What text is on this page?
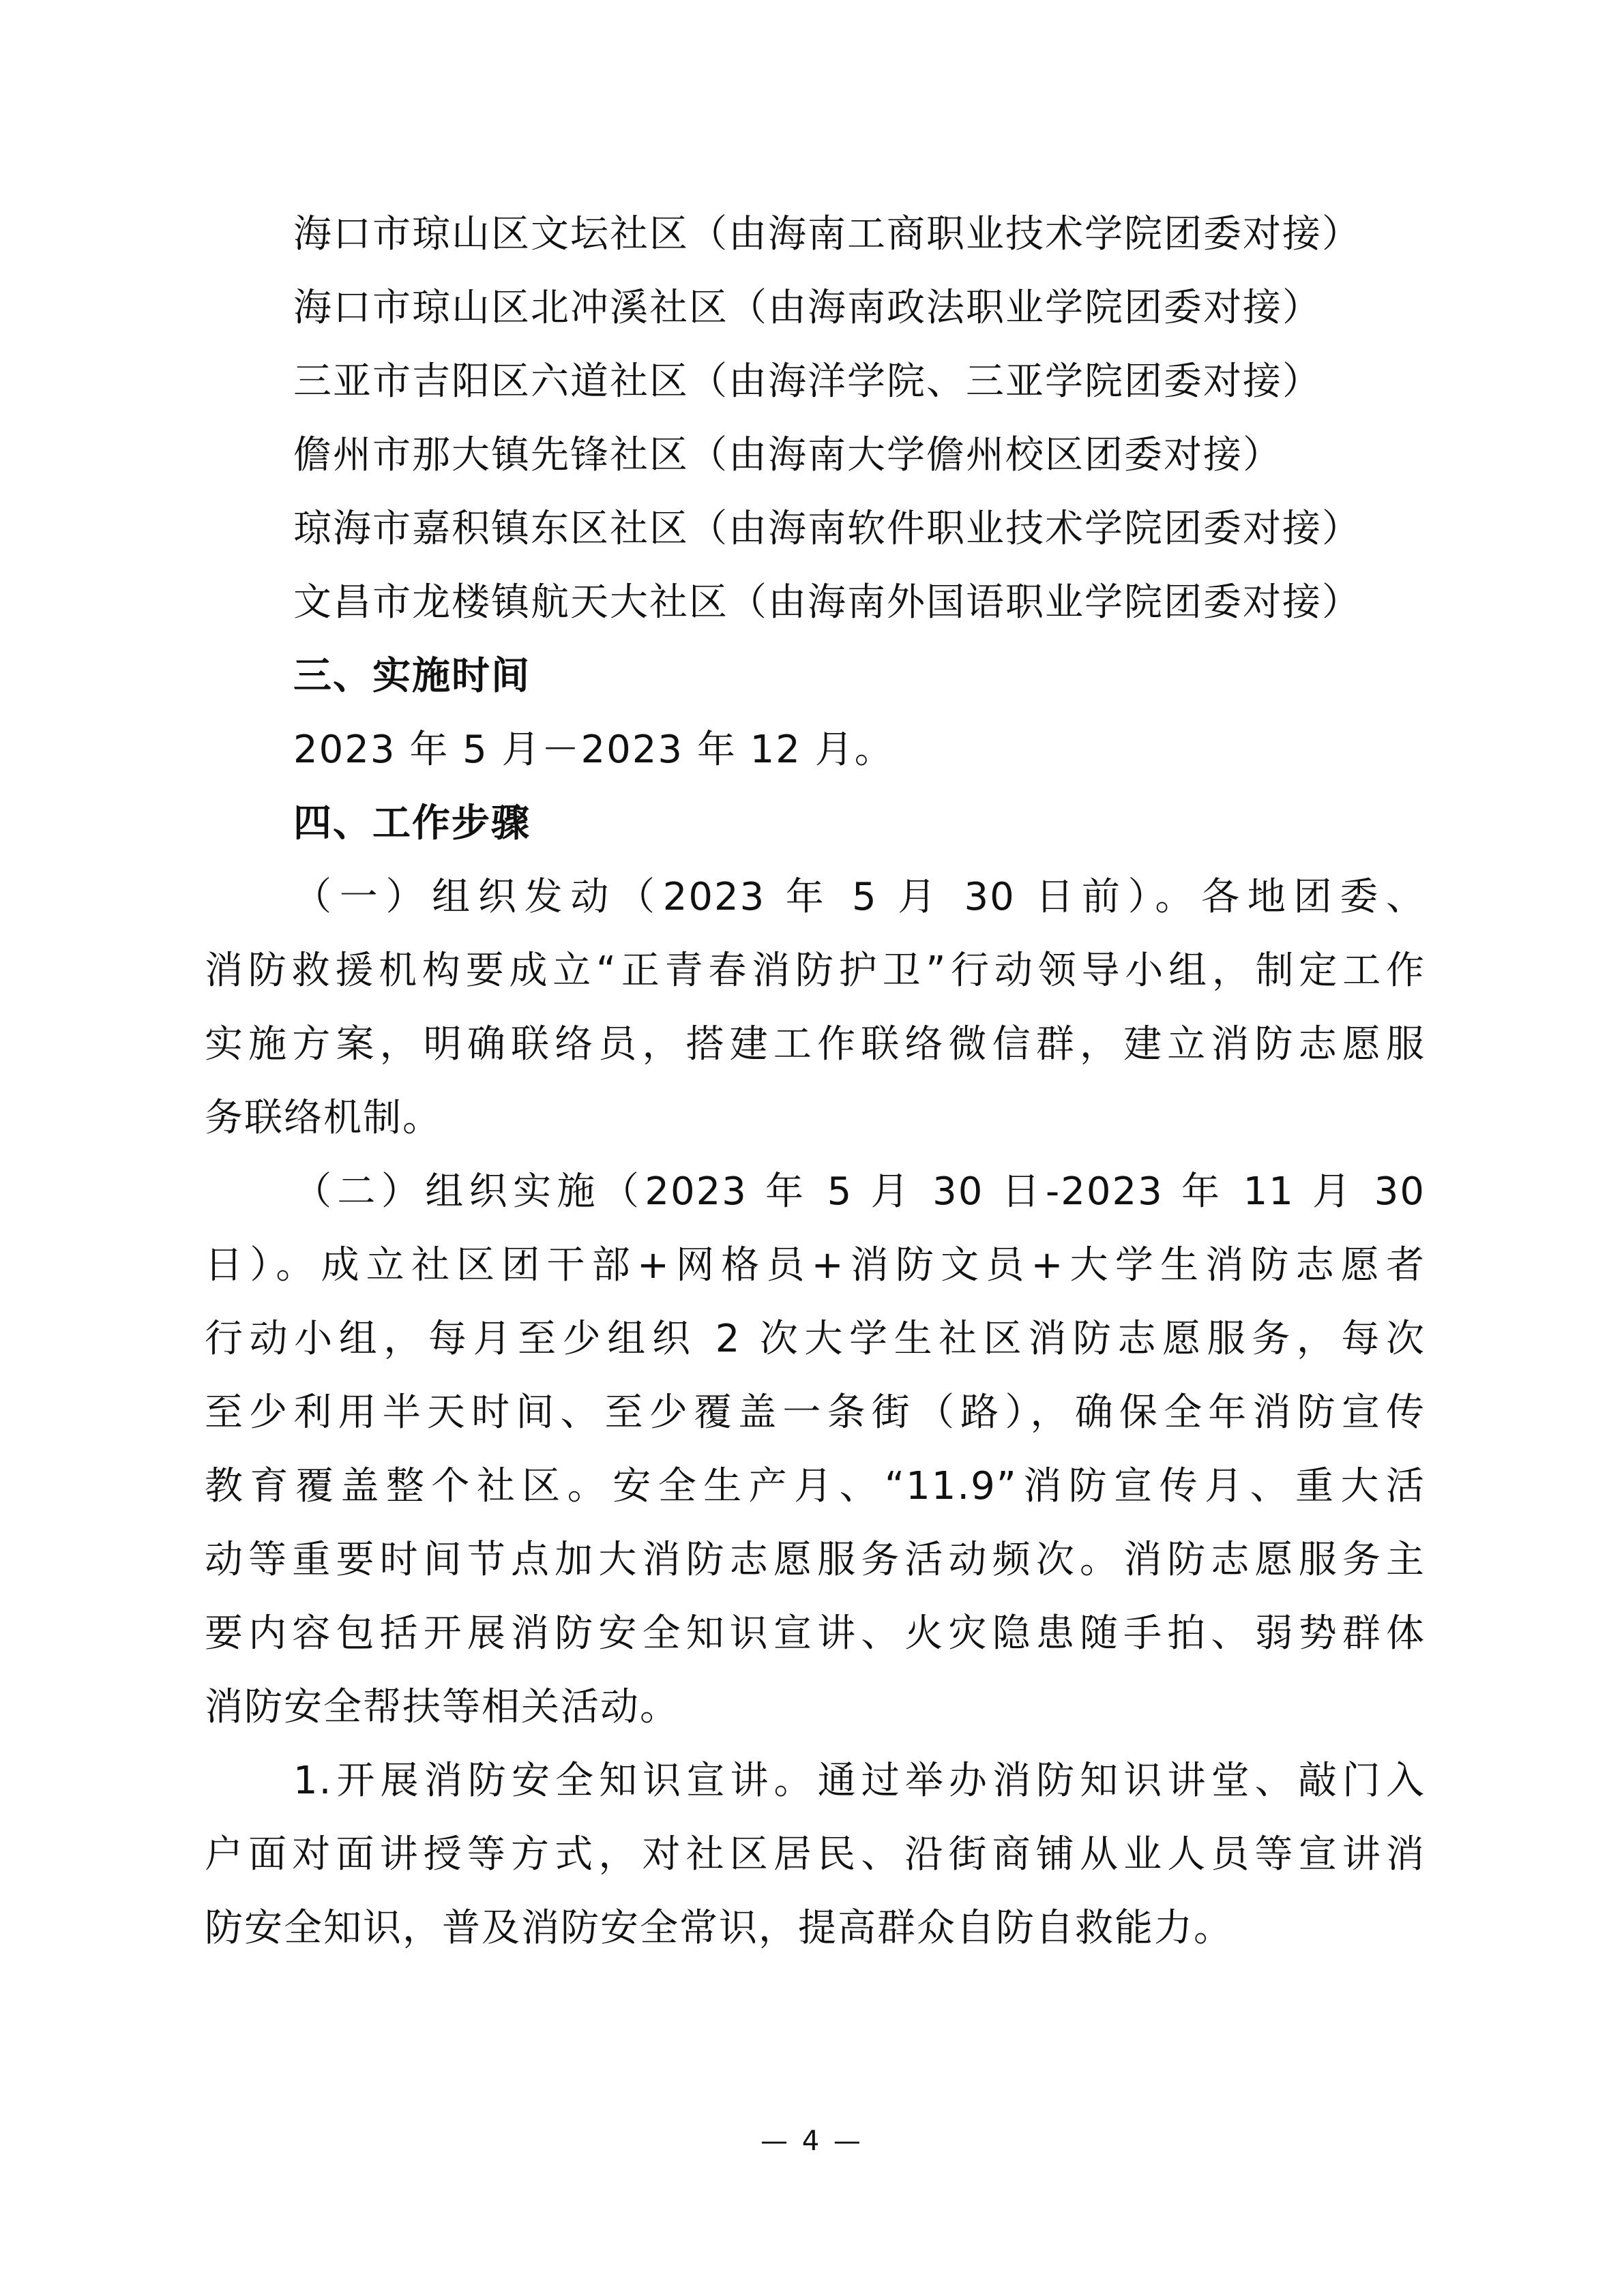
海口市琼山区文坛社区（由海南工商职业技术学院团委对接）
海口市琼山区北冲溪社区（由海南政法职业学院团委对接）
三亚市吉阳区六道社区（由海洋学院、三亚学院团委对接）
儋州市那大镇先锋社区（由海南大学儋州校区团委对接）
琼海市嘉积镇东区社区（由海南软件职业技术学院团委对接）
文昌市龙楼镇航天大社区（由海南外国语职业学院团委对接）
三、实施时间
2023 年 5 月－2023 年 12 月。
四、工作步骤
（一）组织发动（2023 年 5 月 30 日前）。各地团委、
消防救援机构要成立“正青春消防护卫”行动领导小组，制定工作
实施方案，明确联络员，搭建工作联络微信群，建立消防志愿服
务联络机制。
（二）组织实施（2023 年 5 月 30 日-2023 年 11 月 30
日）。成立社区团干部+网格员+消防文员+大学生消防志愿者
行动小组，每月至少组织 2 次大学生社区消防志愿服务，每次
至少利用半天时间、至少覆盖一条街（路），确保全年消防宣传
教育覆盖整个社区。安全生产月、“11.9”消防宣传月、重大活
动等重要时间节点加大消防志愿服务活动频次。消防志愿服务主
要内容包括开展消防安全知识宣讲、火灾隐患随手拍、弱势群体
消防安全帮扶等相关活动。
1.开展消防安全知识宣讲。通过举办消防知识讲堂、敲门入
户面对面讲授等方式，对社区居民、沿街商铺从业人员等宣讲消
防安全知识，普及消防安全常识，提高群众自防自救能力。
— 4 —
